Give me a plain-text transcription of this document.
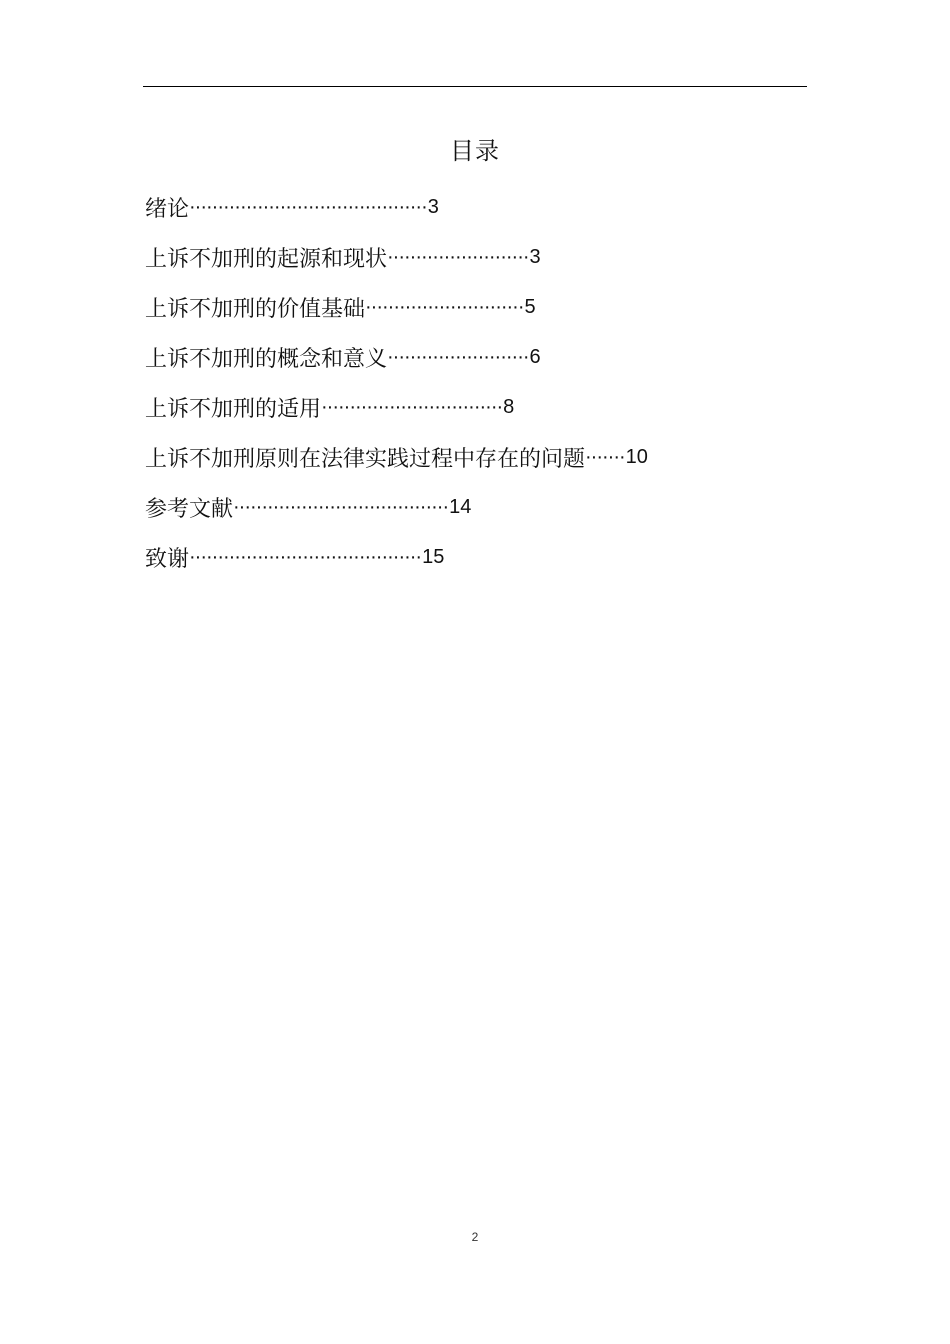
目录
绪论 ·········································· 3
上诉不加刑的起源和现状 ························· 3
上诉不加刑的价值基础 ···························· 5
上诉不加刑的概念和意义 ························· 6
上诉不加刑的适用 ································ 8
上诉不加刑原则在法律实践过程中存在的问题 ······· 10
参考文献 ······································ 14
致谢 ········································· 15
2
